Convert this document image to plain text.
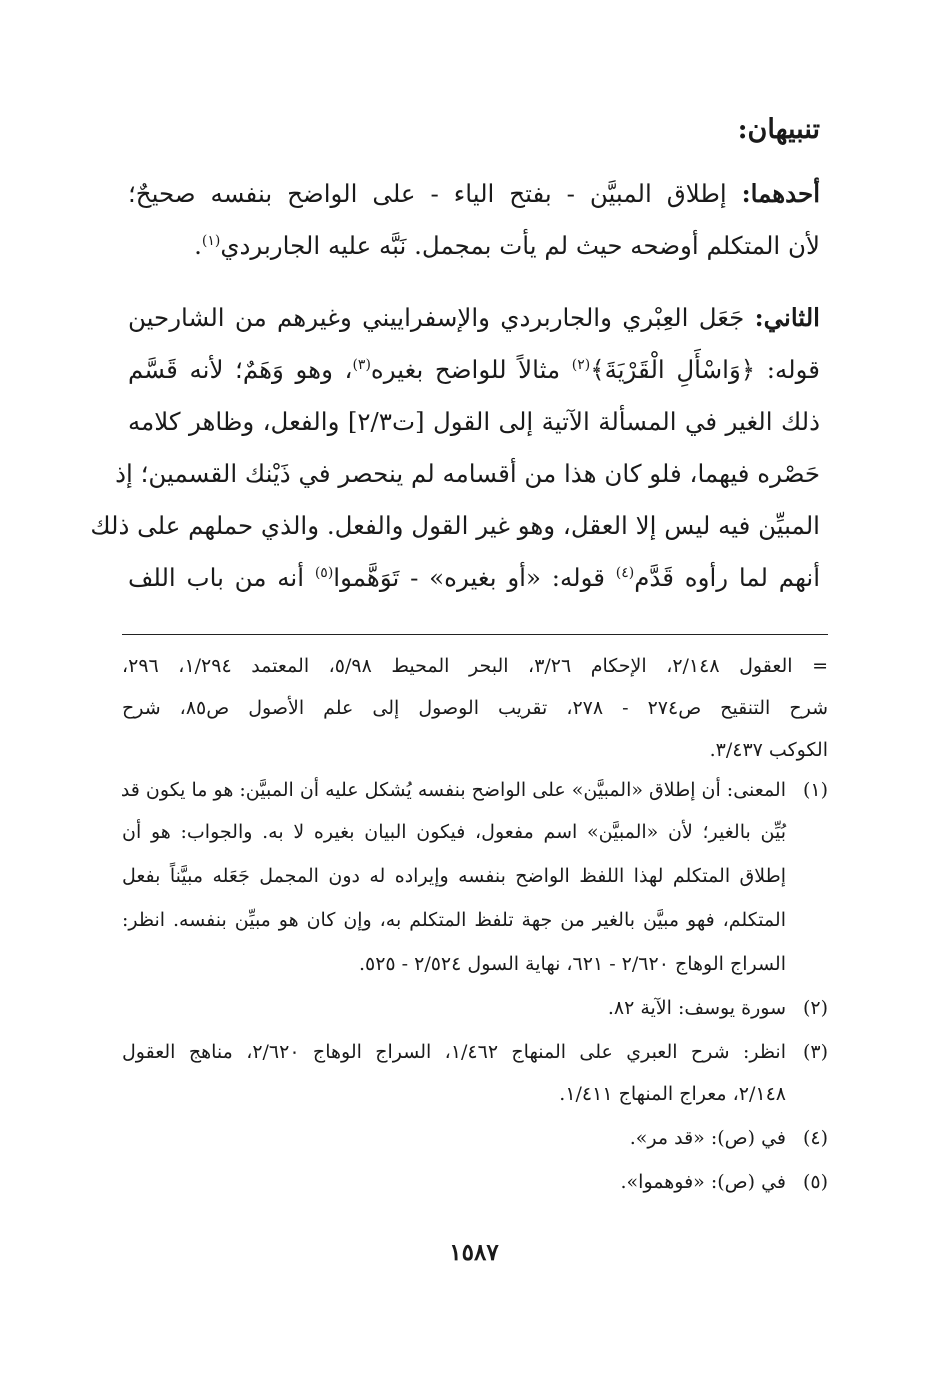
تنبيهان:

أحدهما: إطلاق المبيَّن - بفتح الياء - على الواضح بنفسه صحيحٌ؛

لأن المتكلم أوضحه حيث لم يأت بمجمل. نَبَّه عليه الجاربردي$^{(١)}$.

الثاني: جَعَل العِبْري والجاربردي والإسفراييني وغيرهم من الشارحين

قوله: ﴿وَاسْأَلِ الْقَرْيَةَ﴾$^{(٢)}$ مثالاً للواضح بغيره$^{(٣)}$، وهو وَهَمٌ؛ لأنه قَسَّم

ذلك الغير في المسألة الآتية إلى القول [ت٢/٣] والفعل، وظاهر كلامه

حَصْره فيهما، فلو كان هذا من أقسامه لم ينحصر في ذَيْنك القسمين؛ إذ

المبيِّن فيه ليس إلا العقل، وهو غير القول والفعل. والذي حملهم على ذلك

أنهم لما رأوه قَدَّم$^{(٤)}$ قوله: «أو بغيره» - تَوَهَّموا$^{(٥)}$ أنه من باب اللف

= العقول ٢/١٤٨، الإحكام ٣/٢٦، البحر المحيط ٥/٩٨، المعتمد ١/٢٩٤، ٢٩٦،

شرح التنقيح ص٢٧٤ - ٢٧٨، تقريب الوصول إلى علم الأصول ص٨٥، شرح

الكوكب ٣/٤٣٧.

(١)

المعنى: أن إطلاق «المبيَّن» على الواضح بنفسه يُشكل عليه أن المبيَّن: هو ما يكون قد

بُيِّن بالغير؛ لأن «المبيَّن» اسم مفعول، فيكون البيان بغيره لا به. والجواب: هو أن

إطلاق المتكلم لهذا اللفظ الواضح بنفسه وإيراده له دون المجمل جَعَله مبيَّناً بفعل

المتكلم، فهو مبيَّن بالغير من جهة تلفظ المتكلم به، وإن كان هو مبيِّن بنفسه. انظر:

السراج الوهاج ٢/٦٢٠ - ٦٢١، نهاية السول ٢/٥٢٤ - ٥٢٥.

(٢)

سورة يوسف: الآية ٨٢.

(٣)

انظر: شرح العبري على المنهاج ١/٤٦٢، السراج الوهاج ٢/٦٢٠، مناهج العقول

٢/١٤٨، معراج المنهاج ١/٤١١.

(٤)

في (ص): «قد مر».

(٥)

في (ص): «فوهموا».

١٥٨٧
